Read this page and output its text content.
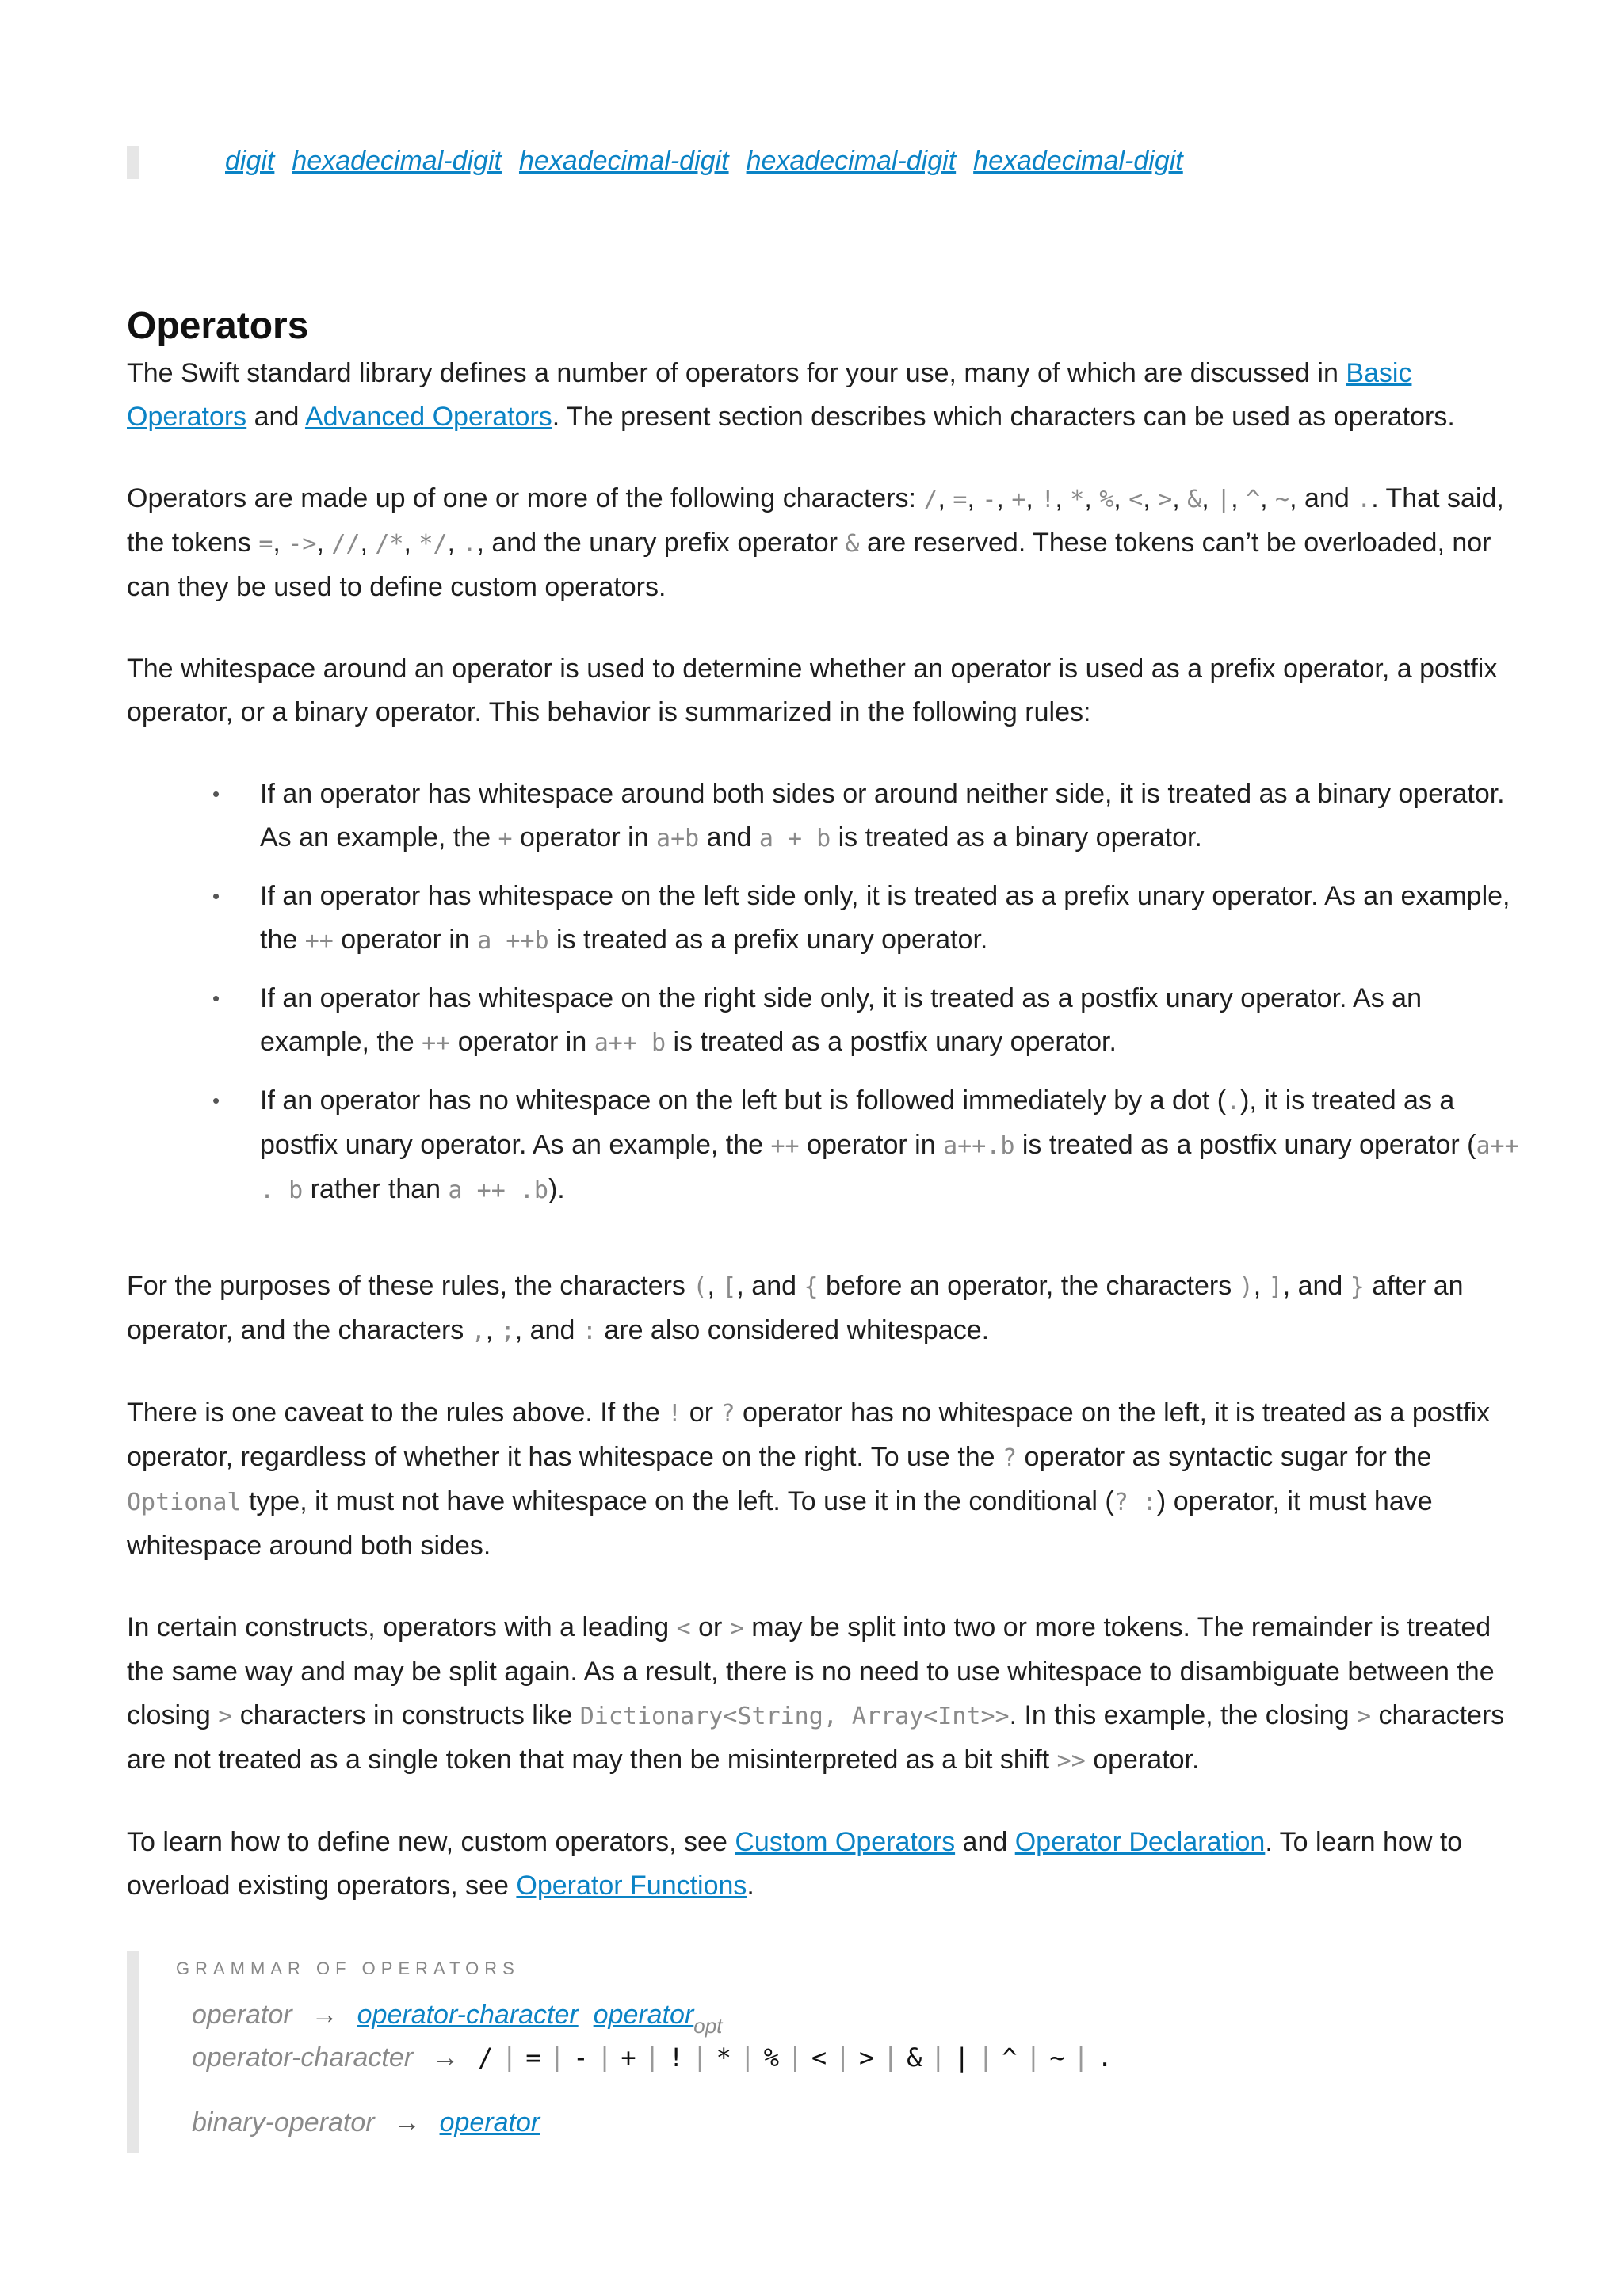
digit hexadecimal-digit hexadecimal-digit hexadecimal-digit hexadecimal-digit
Operators

The Swift standard library defines a number of operators for your use, many of which are discussed in Basic Operators and Advanced Operators. The present section describes which characters can be used as operators.

Operators are made up of one or more of the following characters: /, =, -, +, !, *, %, <, >, &, |, ^, ~, and .. That said, the tokens =, ->, //, /*, */, ., and the unary prefix operator & are reserved. These tokens can’t be overloaded, nor can they be used to define custom operators.

The whitespace around an operator is used to determine whether an operator is used as a prefix operator, a postfix operator, or a binary operator. This behavior is summarized in the following rules:

• If an operator has whitespace around both sides or around neither side, it is treated as a binary operator. As an example, the + operator in a+b and a + b is treated as a binary operator.
• If an operator has whitespace on the left side only, it is treated as a prefix unary operator. As an example, the ++ operator in a ++b is treated as a prefix unary operator.
• If an operator has whitespace on the right side only, it is treated as a postfix unary operator. As an example, the ++ operator in a++ b is treated as a postfix unary operator.
• If an operator has no whitespace on the left but is followed immediately by a dot (.), it is treated as a postfix unary operator. As an example, the ++ operator in a++.b is treated as a postfix unary operator (a++ . b rather than a ++ .b).

For the purposes of these rules, the characters (, [, and { before an operator, the characters ), ], and } after an operator, and the characters ,, ;, and : are also considered whitespace.

There is one caveat to the rules above. If the ! or ? operator has no whitespace on the left, it is treated as a postfix operator, regardless of whether it has whitespace on the right. To use the ? operator as syntactic sugar for the Optional type, it must not have whitespace on the left. To use it in the conditional (? :) operator, it must have whitespace around both sides.

In certain constructs, operators with a leading < or > may be split into two or more tokens. The remainder is treated the same way and may be split again. As a result, there is no need to use whitespace to disambiguate between the closing > characters in constructs like Dictionary<String, Array<Int>>. In this example, the closing > characters are not treated as a single token that may then be misinterpreted as a bit shift >> operator.

To learn how to define new, custom operators, see Custom Operators and Operator Declaration. To learn how to overload existing operators, see Operator Functions.

GRAMMAR OF OPERATORS
operator → operator-character operator$_{opt}$
operator-character → / | = | - | + | ! | * | % | < | > | & | | | ^ | ~ | .
binary-operator → operator
